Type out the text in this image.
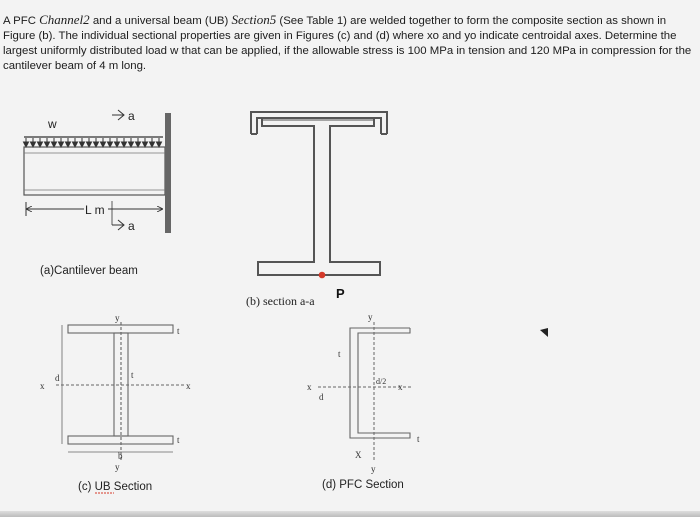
A PFC Channel2 and a universal beam (UB) Section5 (See Table 1) are welded together to form the composite section as shown in Figure (b). The individual sectional properties are given in Figures (c) and (d) where xo and yo indicate centroidal axes. Determine the largest uniformly distributed load w that can be applied, if the allowable stress is 100 MPa in tension and 120 MPa in compression for the cantilever beam of 4 m long.

w
a
L m
a
(a)Cantilever beam
P
(b) section a-a
y
y
x	x
d
t
t
t
b
(c) UB Section
y
y
x	x
d
t
t
X
d/2
(d) PFC Section
